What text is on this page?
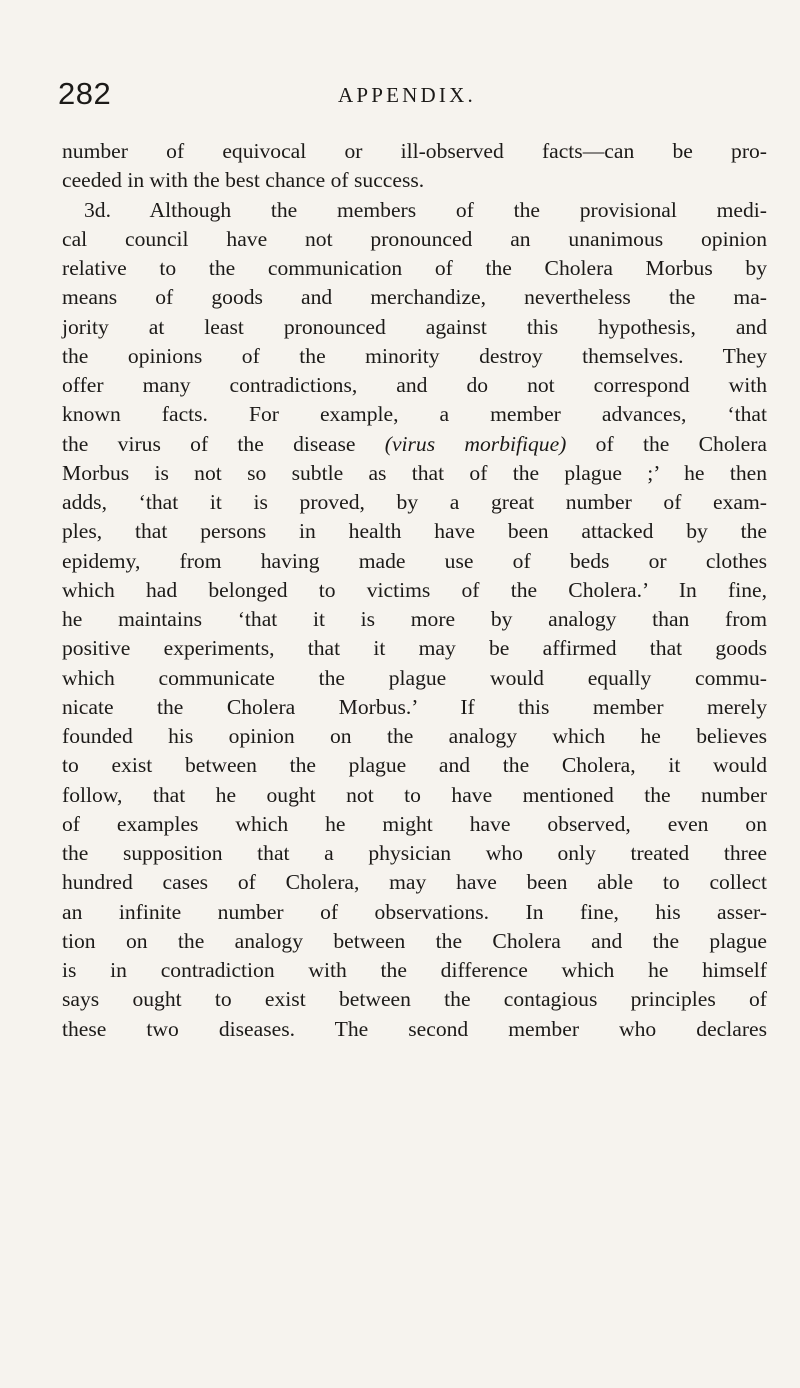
282	APPENDIX.
number of equivocal or ill-observed facts—can be pro-
ceeded in with the best chance of success.
3d. Although the members of the provisional medi-
cal council have not pronounced an unanimous opinion
relative to the communication of the Cholera Morbus by
means of goods and merchandize, nevertheless the ma-
jority at least pronounced against this hypothesis, and
the opinions of the minority destroy themselves. They
offer many contradictions, and do not correspond with
known facts. For example, a member advances, ‘that
the virus of the disease (virus morbifique) of the Cholera
Morbus is not so subtle as that of the plague ;’ he then
adds, ‘that it is proved, by a great number of exam-
ples, that persons in health have been attacked by the
epidemy, from having made use of beds or clothes
which had belonged to victims of the Cholera.’ In fine,
he maintains ‘that it is more by analogy than from
positive experiments, that it may be affirmed that goods
which communicate the plague would equally commu-
nicate the Cholera Morbus.’ If this member merely
founded his opinion on the analogy which he believes
to exist between the plague and the Cholera, it would
follow, that he ought not to have mentioned the number
of examples which he might have observed, even on
the supposition that a physician who only treated three
hundred cases of Cholera, may have been able to collect
an infinite number of observations. In fine, his asser-
tion on the analogy between the Cholera and the plague
is in contradiction with the difference which he himself
says ought to exist between the contagious principles of
these two diseases. The second member who declares
